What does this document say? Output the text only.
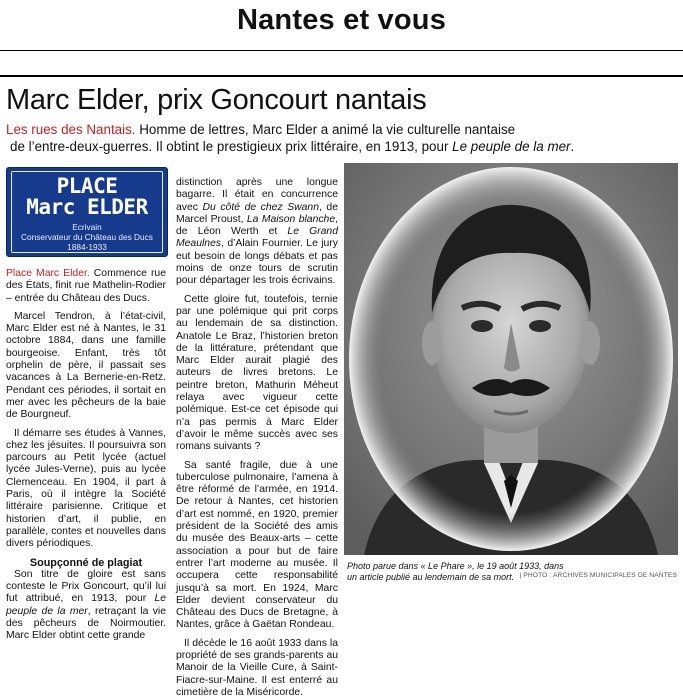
Nantes et vous
Marc Elder, prix Goncourt nantais
Les rues des Nantais. Homme de lettres, Marc Elder a animé la vie culturelle nantaise
de l’entre-deux-guerres. Il obtint le prestigieux prix littéraire, en 1913, pour Le peuple de la mer.
PLACE
Marc ELDER
Ecrivain
Conservateur du Château des Ducs
1884-1933

Place Marc Elder. Commence rue des États, finit rue Mathelin-Rodier – entrée du Château des Ducs.

Marcel Tendron, à l’état-civil, Marc Elder est né à Nantes, le 31 octobre 1884, dans une famille bourgeoise. Enfant, très tôt orphelin de père, il passait ses vacances à La Bernerie-en-Retz. Pendant ces périodes, il sortait en mer avec les pêcheurs de la baie de Bourgneuf.

Il démarre ses études à Vannes, chez les jésuites. Il poursuivra son parcours au Petit lycée (actuel lycée Jules-Verne), puis au lycée Clemenceau. En 1904, il part à Paris, où il intègre la Société littéraire parisienne. Critique et historien d’art, il publie, en parallèle, contes et nouvelles dans divers périodiques.

Soupçonné de plagiat

Son titre de gloire est sans conteste le Prix Goncourt, qu’il lui fut attribué, en 1913, pour Le peuple de la mer, retraçant la vie des pêcheurs de Noirmoutier. Marc Elder obtint cette grande

distinction après une longue bagarre. Il était en concurrence avec Du côté de chez Swann, de Marcel Proust, La Maison blanche, de Léon Werth et Le Grand Meaulnes, d’Alain Fournier. Le jury eut besoin de longs débats et pas moins de onze tours de scrutin pour départager les trois écrivains.

Cette gloire fut, toutefois, ternie par une polémique qui prit corps au lendemain de sa distinction. Anatole Le Braz, l’historien breton de la littérature, prétendant que Marc Elder aurait plagié des auteurs de livres bretons. Le peintre breton, Mathurin Méheut relaya avec vigueur cette polémique. Est-ce cet épisode qui n’a pas permis à Marc Elder d’avoir le même succès avec ses romans suivants ?

Sa santé fragile, due à une tuberculose pulmonaire, l’amena à être réformé de l’armée, en 1914. De retour à Nantes, cet historien d’art est nommé, en 1920, premier président de la Société des amis du musée des Beaux-arts – cette association a pour but de faire entrer l’art moderne au musée. Il occupera cette responsabilité jusqu’à sa mort. En 1924, Marc Elder devient conservateur du Château des Ducs de Bretagne, à Nantes, grâce à Gaëtan Rondeau.

Il décède le 16 août 1933 dans la propriété de ses grands-parents au Manoir de la Vieille Cure, à Saint-Fiacre-sur-Maine. Il est enterré au cimetière de la Miséricorde.

Photo parue dans « Le Phare », le 19 août 1933, dans un article publié au lendemain de sa mort. | PHOTO : ARCHIVES MUNICIPALES DE NANTES
